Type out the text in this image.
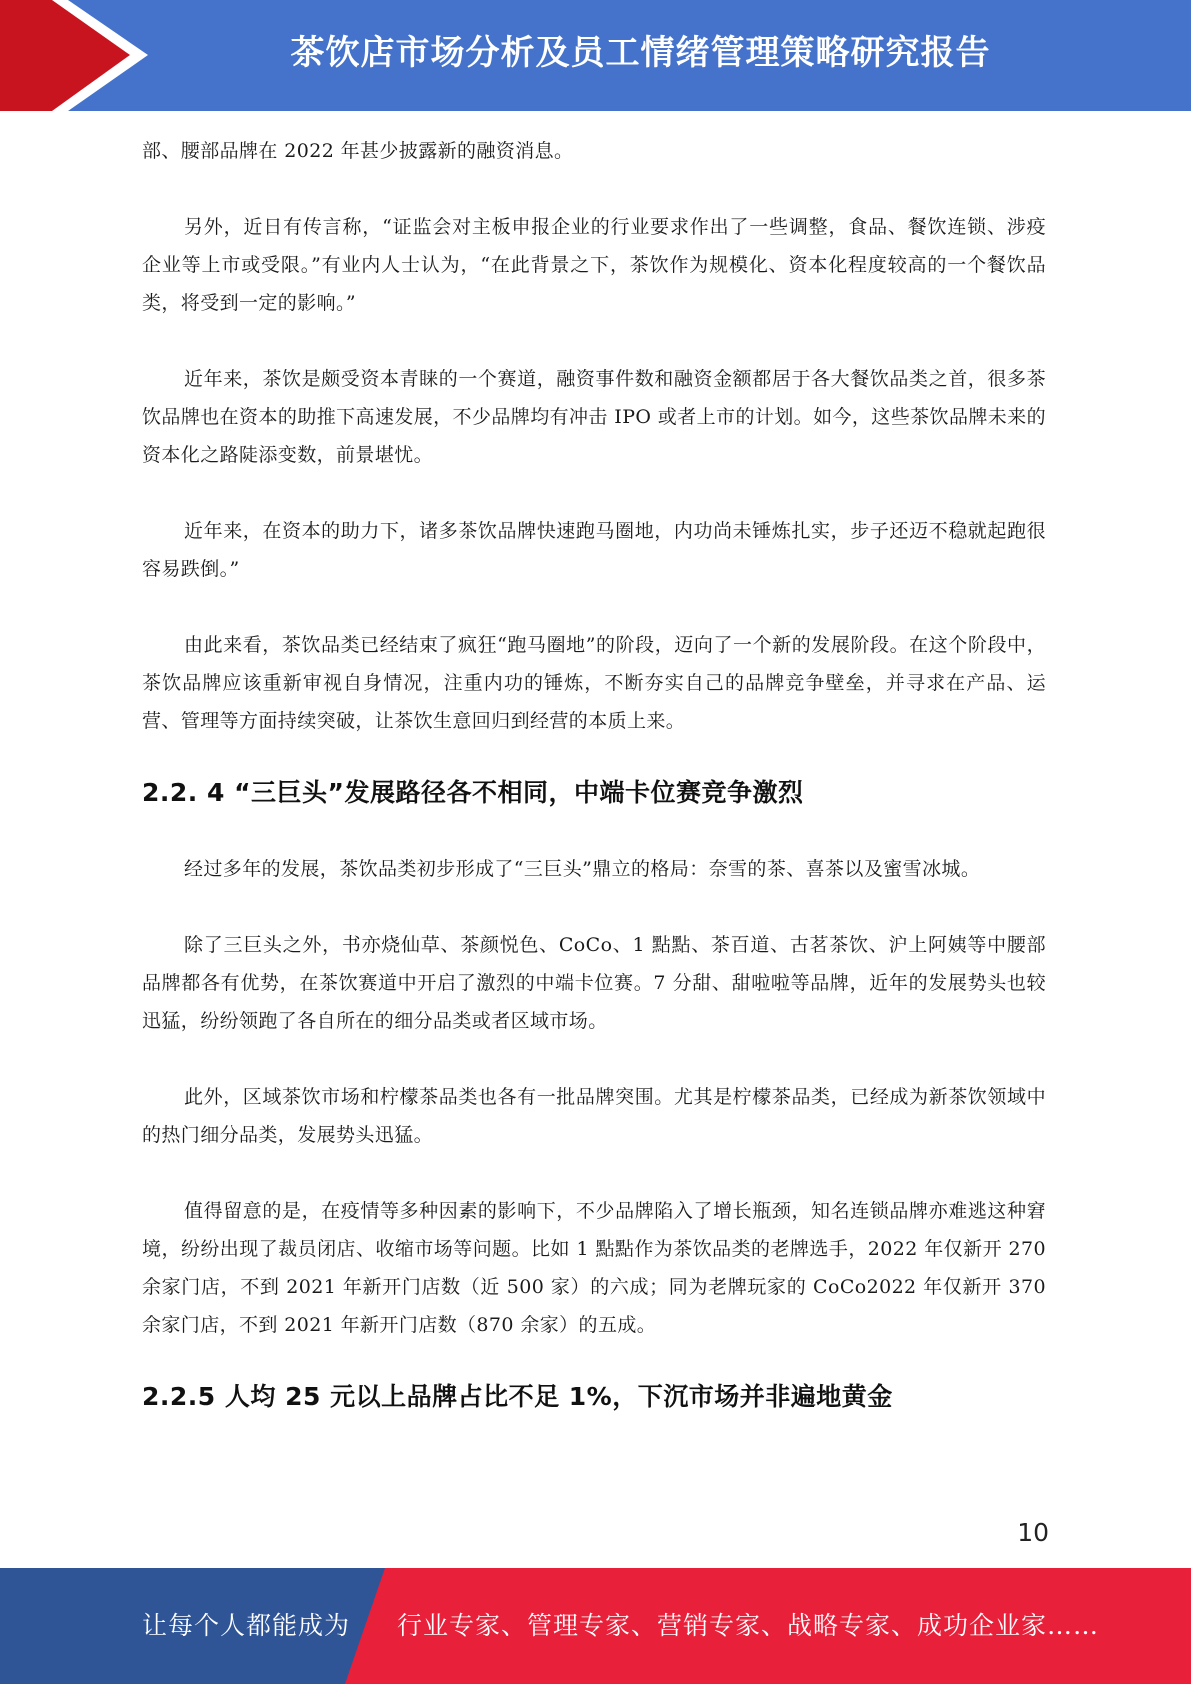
茶饮店市场分析及员工情绪管理策略研究报告

部、腰部品牌在 2022 年甚少披露新的融资消息。

另外，近日有传言称，“证监会对主板申报企业的行业要求作出了一些调整，食品、餐饮连锁、涉疫企业等上市或受限。”有业内人士认为，“在此背景之下，茶饮作为规模化、资本化程度较高的一个餐饮品类，将受到一定的影响。”

近年来，茶饮是颇受资本青睐的一个赛道，融资事件数和融资金额都居于各大餐饮品类之首，很多茶饮品牌也在资本的助推下高速发展，不少品牌均有冲击 IPO 或者上市的计划。如今，这些茶饮品牌未来的资本化之路陡添变数，前景堪忧。

近年来，在资本的助力下，诸多茶饮品牌快速跑马圈地，内功尚未锤炼扎实，步子还迈不稳就起跑很容易跌倒。”

由此来看，茶饮品类已经结束了疯狂“跑马圈地”的阶段，迈向了一个新的发展阶段。在这个阶段中，茶饮品牌应该重新审视自身情况，注重内功的锤炼，不断夯实自己的品牌竞争壁垒，并寻求在产品、运营、管理等方面持续突破，让茶饮生意回归到经营的本质上来。

2.2. 4 “三巨头”发展路径各不相同，中端卡位赛竞争激烈

经过多年的发展，茶饮品类初步形成了“三巨头”鼎立的格局：奈雪的茶、喜茶以及蜜雪冰城。

除了三巨头之外，书亦烧仙草、茶颜悦色、CoCo、1 點點、茶百道、古茗茶饮、沪上阿姨等中腰部品牌都各有优势，在茶饮赛道中开启了激烈的中端卡位赛。7 分甜、甜啦啦等品牌，近年的发展势头也较迅猛，纷纷领跑了各自所在的细分品类或者区域市场。

此外，区域茶饮市场和柠檬茶品类也各有一批品牌突围。尤其是柠檬茶品类，已经成为新茶饮领域中的热门细分品类，发展势头迅猛。

值得留意的是，在疫情等多种因素的影响下，不少品牌陷入了增长瓶颈，知名连锁品牌亦难逃这种窘境，纷纷出现了裁员闭店、收缩市场等问题。比如 1 點點作为茶饮品类的老牌选手，2022 年仅新开 270 余家门店，不到 2021 年新开门店数（近 500 家）的六成；同为老牌玩家的 CoCo2022 年仅新开 370 余家门店，不到 2021 年新开门店数（870 余家）的五成。

2.2.5 人均 25 元以上品牌占比不足 1%，下沉市场并非遍地黄金
10
让每个人都能成为 行业专家、管理专家、营销专家、战略专家、成功企业家……
